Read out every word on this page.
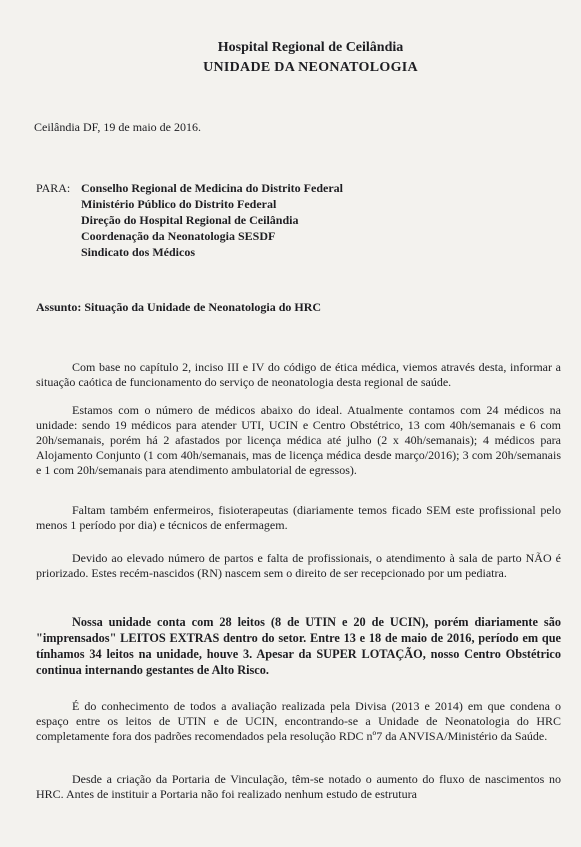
Hospital Regional de Ceilândia
UNIDADE DA NEONATOLOGIA
Ceilândia DF, 19 de maio de 2016.
PARA: Conselho Regional de Medicina do Distrito Federal
Ministério Público do Distrito Federal
Direção do Hospital Regional de Ceilândia
Coordenação da Neonatologia SESDF
Sindicato dos Médicos
Assunto: Situação da Unidade de Neonatologia do HRC

Com base no capítulo 2, inciso III e IV do código de ética médica, viemos através desta, informar a situação caótica de funcionamento do serviço de neonatologia desta regional de saúde.

Estamos com o número de médicos abaixo do ideal. Atualmente contamos com 24 médicos na unidade: sendo 19 médicos para atender UTI, UCIN e Centro Obstétrico, 13 com 40h/semanais e 6 com 20h/semanais, porém há 2 afastados por licença médica até julho (2 x 40h/semanais); 4 médicos para Alojamento Conjunto (1 com 40h/semanais, mas de licença médica desde março/2016); 3 com 20h/semanais e 1 com 20h/semanais para atendimento ambulatorial de egressos).

Faltam também enfermeiros, fisioterapeutas (diariamente temos ficado SEM este profissional pelo menos 1 período por dia) e técnicos de enfermagem.

Devido ao elevado número de partos e falta de profissionais, o atendimento à sala de parto NÃO é priorizado. Estes recém-nascidos (RN) nascem sem o direito de ser recepcionado por um pediatra.

Nossa unidade conta com 28 leitos (8 de UTIN e 20 de UCIN), porém diariamente são "imprensados" LEITOS EXTRAS dentro do setor. Entre 13 e 18 de maio de 2016, período em que tínhamos 34 leitos na unidade, houve 3. Apesar da SUPER LOTAÇÃO, nosso Centro Obstétrico continua internando gestantes de Alto Risco.

É do conhecimento de todos a avaliação realizada pela Divisa (2013 e 2014) em que condena o espaço entre os leitos de UTIN e de UCIN, encontrando-se a Unidade de Neonatologia do HRC completamente fora dos padrões recomendados pela resolução RDC nº7 da ANVISA/Ministério da Saúde.

Desde a criação da Portaria de Vinculação, têm-se notado o aumento do fluxo de nascimentos no HRC. Antes de instituir a Portaria não foi realizado nenhum estudo de estrutura
